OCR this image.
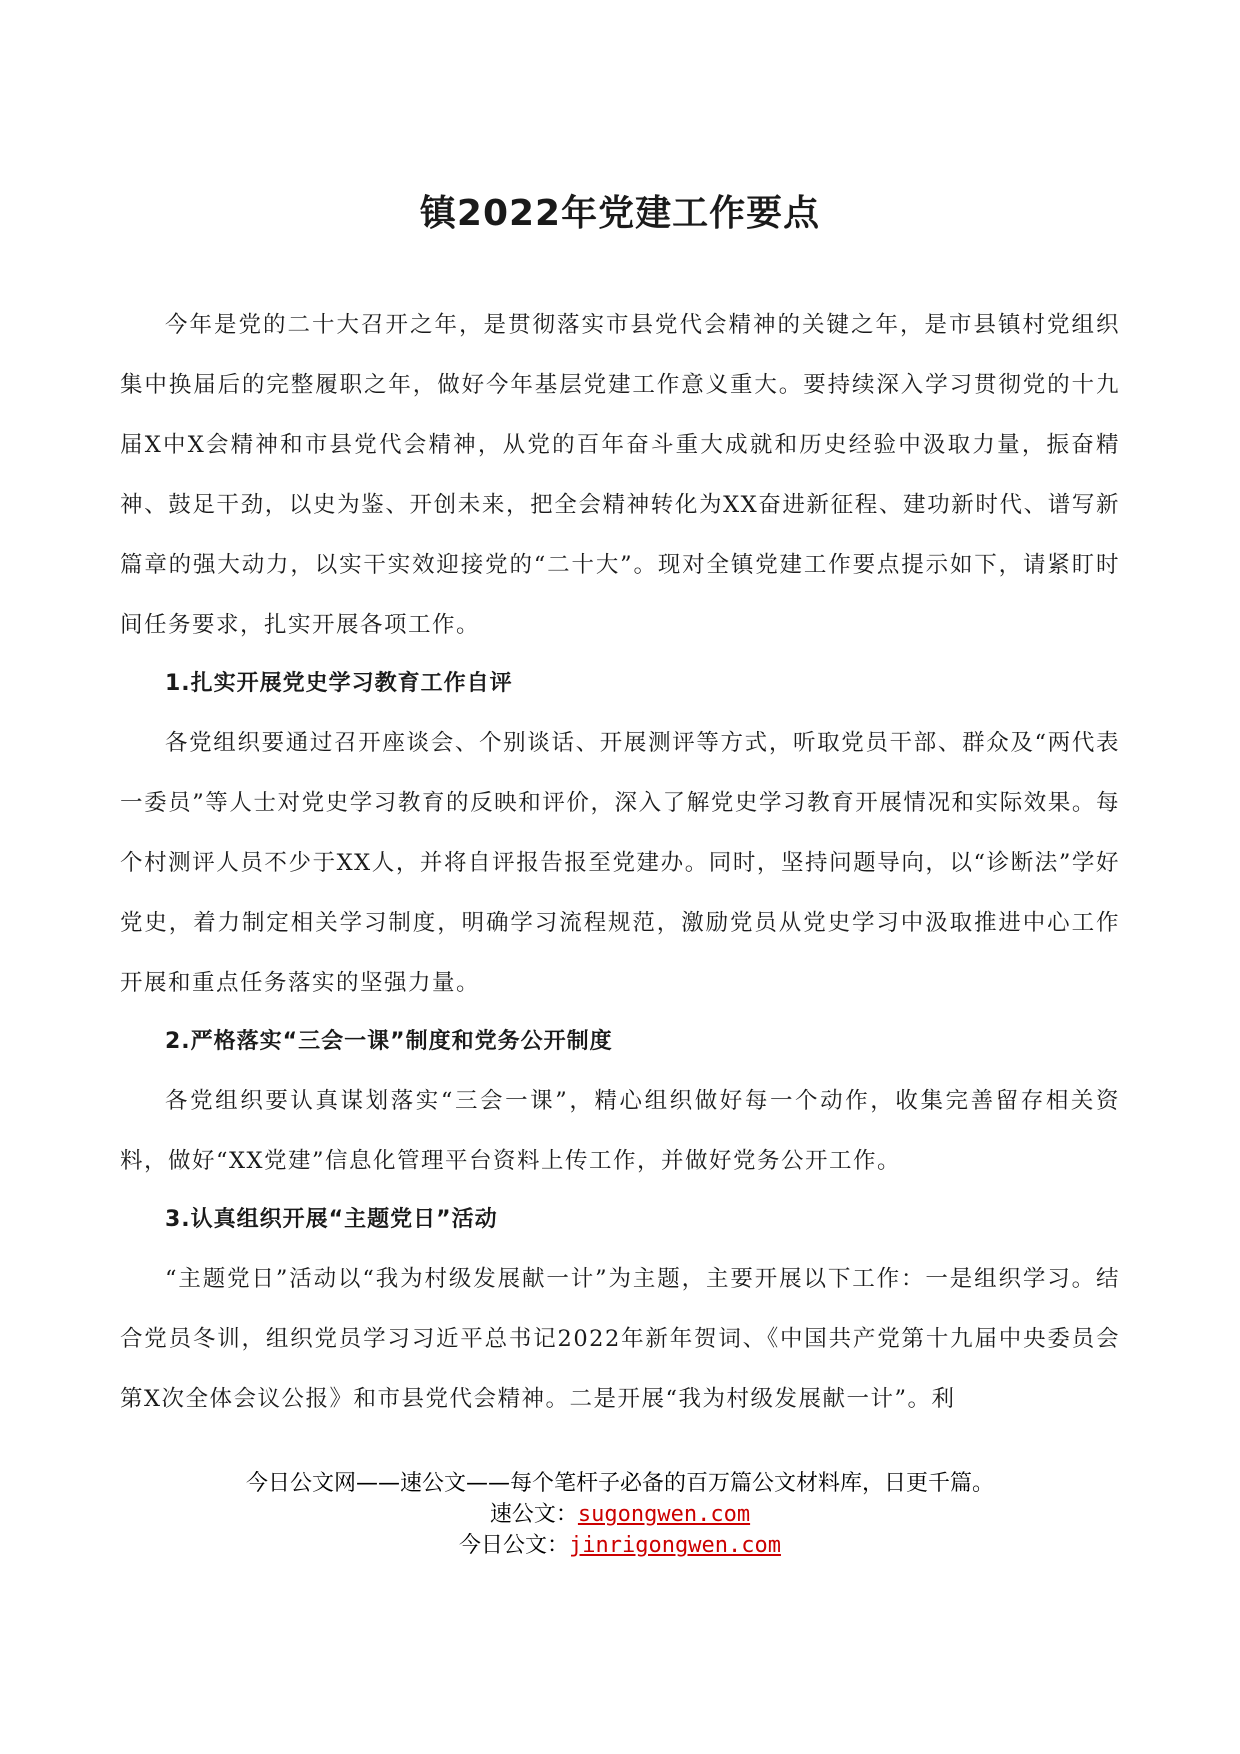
镇2022年党建工作要点

今年是党的二十大召开之年，是贯彻落实市县党代会精神的关键之年，是市县镇村党组织集中换届后的完整履职之年，做好今年基层党建工作意义重大。要持续深入学习贯彻党的十九届X中X会精神和市县党代会精神，从党的百年奋斗重大成就和历史经验中汲取力量，振奋精神、鼓足干劲，以史为鉴、开创未来，把全会精神转化为XX奋进新征程、建功新时代、谱写新篇章的强大动力，以实干实效迎接党的“二十大”。现对全镇党建工作要点提示如下，请紧盯时间任务要求，扎实开展各项工作。

1.扎实开展党史学习教育工作自评

各党组织要通过召开座谈会、个别谈话、开展测评等方式，听取党员干部、群众及“两代表一委员”等人士对党史学习教育的反映和评价，深入了解党史学习教育开展情况和实际效果。每个村测评人员不少于XX人，并将自评报告报至党建办。同时，坚持问题导向，以“诊断法”学好党史，着力制定相关学习制度，明确学习流程规范，激励党员从党史学习中汲取推进中心工作开展和重点任务落实的坚强力量。

2.严格落实“三会一课”制度和党务公开制度

各党组织要认真谋划落实“三会一课”，精心组织做好每一个动作，收集完善留存相关资料，做好“XX党建”信息化管理平台资料上传工作，并做好党务公开工作。

3.认真组织开展“主题党日”活动

“主题党日”活动以“我为村级发展献一计”为主题，主要开展以下工作：一是组织学习。结合党员冬训，组织党员学习习近平总书记2022年新年贺词、《中国共产党第十九届中央委员会第X次全体会议公报》和市县党代会精神。二是开展“我为村级发展献一计”。利

今日公文网——速公文——每个笔杆子必备的百万篇公文材料库，日更千篇。
速公文：sugongwen.com
今日公文：jinrigongwen.com
